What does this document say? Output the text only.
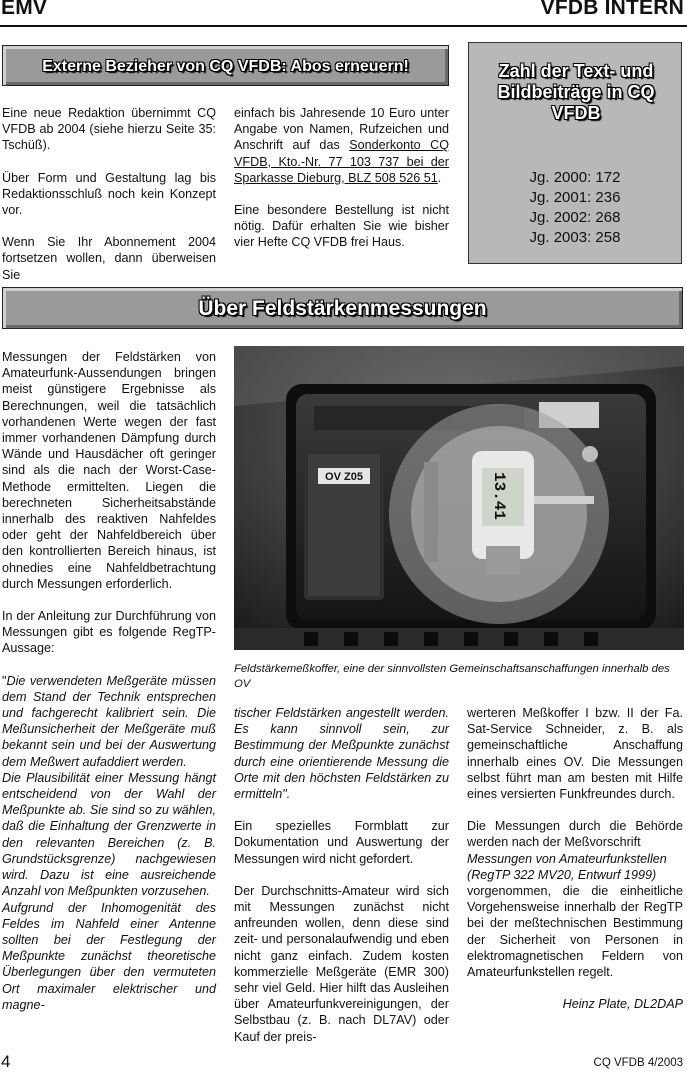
EMV	VFDB INTERN
Externe Bezieher von CQ VFDB: Abos erneuern!

Eine neue Redaktion übernimmt CQ VFDB ab 2004 (siehe hierzu Seite 35: Tschüß).

Über Form und Gestaltung lag bis Redaktionsschluß noch kein Konzept vor.

Wenn Sie Ihr Abonnement 2004 fortsetzen wollen, dann überweisen Sie

einfach bis Jahresende 10 Euro unter Angabe von Namen, Rufzeichen und Anschrift auf das Sonderkonto CQ VFDB, Kto.-Nr. 77 103 737 bei der Sparkasse Dieburg, BLZ 508 526 51.

Eine besondere Bestellung ist nicht nötig. Dafür erhalten Sie wie bisher vier Hefte CQ VFDB frei Haus.

Zahl der Text- und Bildbeiträge in CQ VFDB
Jg. 2000: 172
Jg. 2001: 236
Jg. 2002: 268
Jg. 2003: 258
Über Feldstärkenmessungen

Messungen der Feldstärken von Amateurfunk-Aussendungen bringen meist günstigere Ergebnisse als Berechnungen, weil die tatsächlich vorhandenen Werte wegen der fast immer vorhandenen Dämpfung durch Wände und Hausdächer oft geringer sind als die nach der Worst-Case-Methode ermittelten. Liegen die berechneten Sicherheitsabstände innerhalb des reaktiven Nahfeldes oder geht der Nahfeldbereich über den kontrollierten Bereich hinaus, ist ohnedies eine Nahfeldbetrachtung durch Messungen erforderlich.

In der Anleitung zur Durchführung von Messungen gibt es folgende RegTP-Aussage:

"Die verwendeten Meßgeräte müssen dem Stand der Technik entsprechen und fachgerecht kalibriert sein. Die Meßunsicherheit der Meßgeräte muß bekannt sein und bei der Auswertung dem Meßwert aufaddiert werden.

Die Plausibilität einer Messung hängt entscheidend von der Wahl der Meßpunkte ab. Sie sind so zu wählen, daß die Einhaltung der Grenzwerte in den relevanten Bereichen (z. B. Grundstücksgrenze) nachgewiesen wird. Dazu ist eine ausreichende Anzahl von Meßpunkten vorzusehen.

Aufgrund der Inhomogenität des Feldes im Nahfeld einer Antenne sollten bei der Festlegung der Meßpunkte zunächst theoretische Überlegungen über den vermuteten Ort maximaler elektrischer und magne-

OV Z05	13.41
Feldstärkemeßkoffer, eine der sinnvollsten Gemeinschaftsanschaffungen innerhalb des OV

tischer Feldstärken angestellt werden. Es kann sinnvoll sein, zur Bestimmung der Meßpunkte zunächst durch eine orientierende Messung die Orte mit den höchsten Feldstärken zu ermitteln".

Ein spezielles Formblatt zur Dokumentation und Auswertung der Messungen wird nicht gefordert.

Der Durchschnitts-Amateur wird sich mit Messungen zunächst nicht anfreunden wollen, denn diese sind zeit- und personalaufwendig und eben nicht ganz einfach. Zudem kosten kommerzielle Meßgeräte (EMR 300) sehr viel Geld. Hier hilft das Ausleihen über Amateurfunkvereinigungen, der Selbstbau (z. B. nach DL7AV) oder Kauf der preis-

werteren Meßkoffer I bzw. II der Fa. Sat-Service Schneider, z. B. als gemeinschaftliche Anschaffung innerhalb eines OV. Die Messungen selbst führt man am besten mit Hilfe eines versierten Funkfreundes durch.

Die Messungen durch die Behörde werden nach der Meßvorschrift

Messungen von Amateurfunkstellen (RegTP 322 MV20, Entwurf 1999)

vorgenommen, die die einheitliche Vorgehensweise innerhalb der RegTP bei der meßtechnischen Bestimmung der Sicherheit von Personen in elektromagnetischen Feldern von Amateurfunkstellen regelt.

Heinz Plate, DL2DAP

4	CQ VFDB 4/2003
